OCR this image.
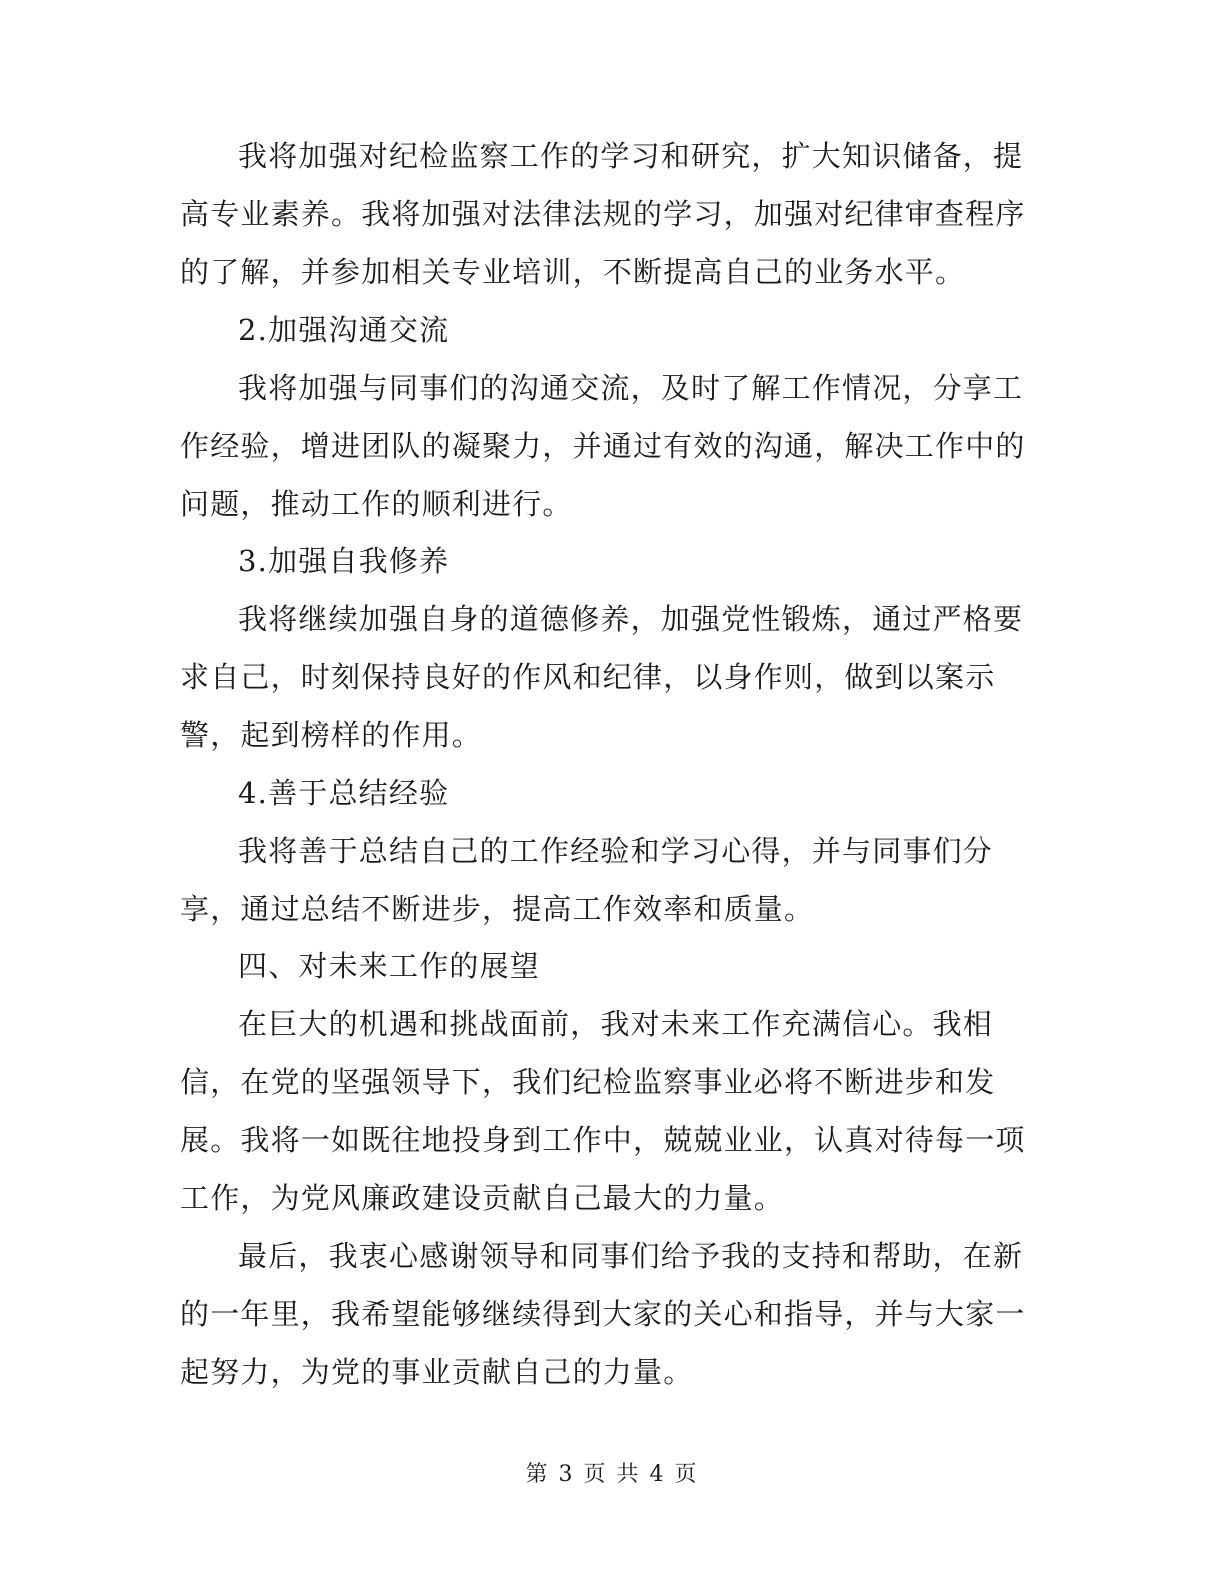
我将加强对纪检监察工作的学习和研究，扩大知识储备，提
高专业素养。我将加强对法律法规的学习，加强对纪律审查程序
的了解，并参加相关专业培训，不断提高自己的业务水平。
2.加强沟通交流
我将加强与同事们的沟通交流，及时了解工作情况，分享工
作经验，增进团队的凝聚力，并通过有效的沟通，解决工作中的
问题，推动工作的顺利进行。
3.加强自我修养
我将继续加强自身的道德修养，加强党性锻炼，通过严格要
求自己，时刻保持良好的作风和纪律，以身作则，做到以案示
警，起到榜样的作用。
4.善于总结经验
我将善于总结自己的工作经验和学习心得，并与同事们分
享，通过总结不断进步，提高工作效率和质量。
四、对未来工作的展望
在巨大的机遇和挑战面前，我对未来工作充满信心。我相
信，在党的坚强领导下，我们纪检监察事业必将不断进步和发
展。我将一如既往地投身到工作中，兢兢业业，认真对待每一项
工作，为党风廉政建设贡献自己最大的力量。
最后，我衷心感谢领导和同事们给予我的支持和帮助，在新
的一年里，我希望能够继续得到大家的关心和指导，并与大家一
起努力，为党的事业贡献自己的力量。
第 3 页 共 4 页
